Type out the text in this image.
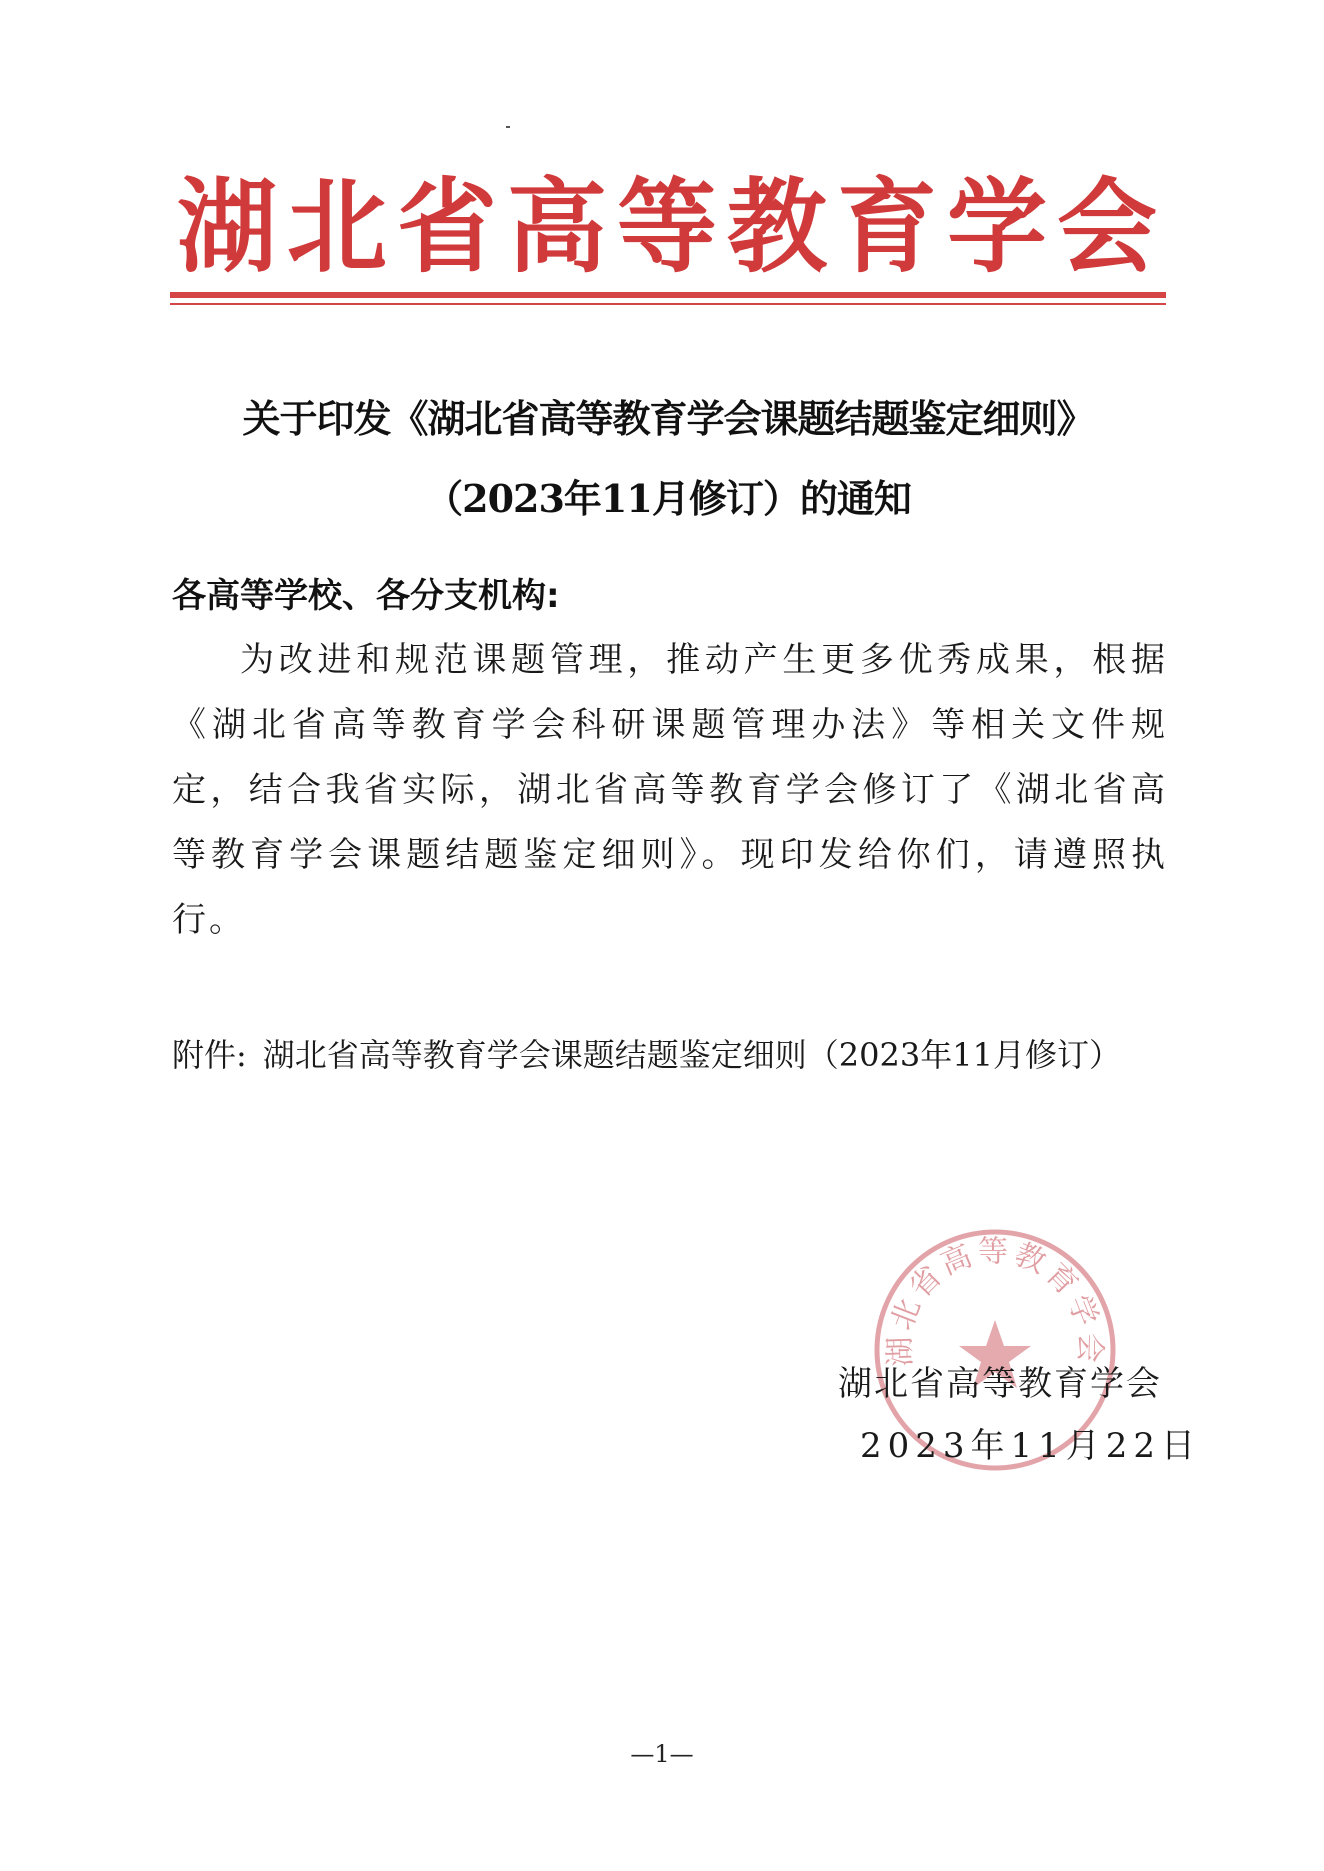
湖 北 省 高 等 教 育 学 会
关于印发《湖北省高等教育学会课题结题鉴定细则》
（2023年11月修订）的通知
各高等学校、各分支机构:
为改进和规范课题管理，推动产生更多优秀成果，根据《湖北省高等教育学会科研课题管理办法》等相关文件规定，结合我省实际，湖北省高等教育学会修订了《湖北省高等教育学会课题结题鉴定细则》。现印发给你们，请遵照执行。
附件: 湖北省高等教育学会课题结题鉴定细则（2023年11月修订）
湖北省高等教育学会
湖北省高等教育学会
2023年11月22日
—1—
